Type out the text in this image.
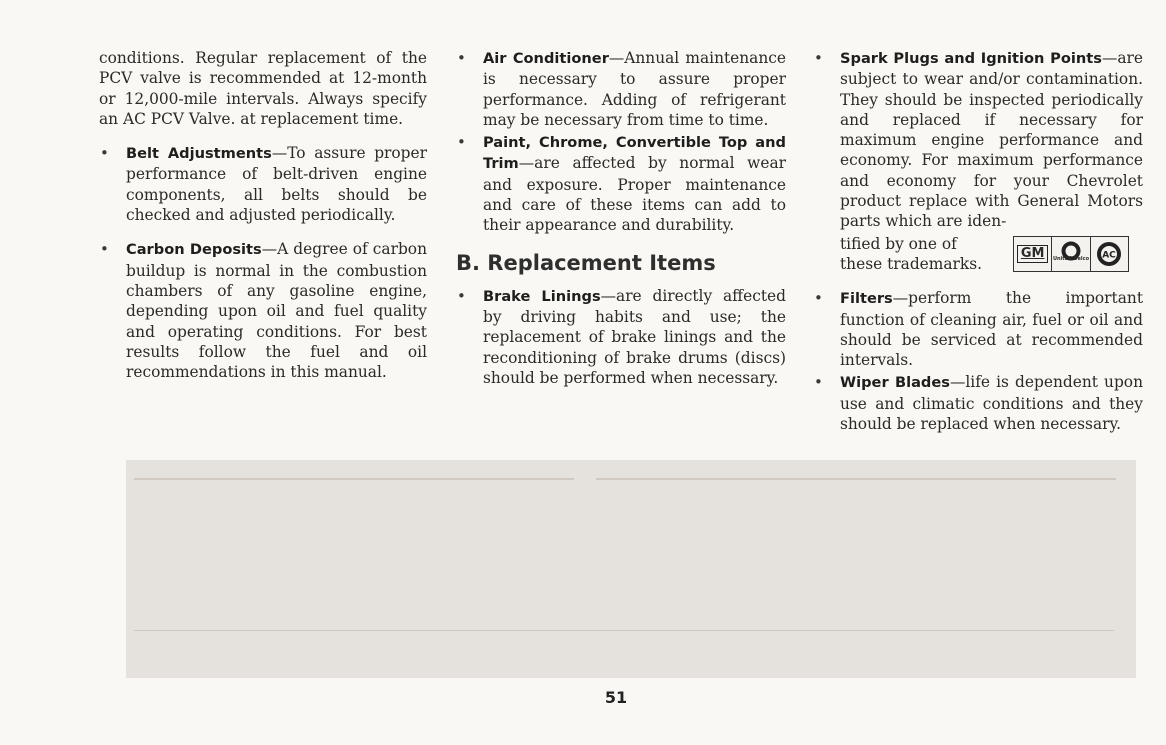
conditions. Regular replacement of the PCV valve is recommended at 12-month or 12,000-mile intervals. Always specify an AC PCV Valve. at replacement time.

• Belt Adjustments—To assure proper performance of belt-driven engine components, all belts should be checked and adjusted periodically.

• Carbon Deposits—A degree of carbon buildup is normal in the combustion chambers of any gasoline engine, depending upon oil and fuel quality and operating conditions. For best results follow the fuel and oil recommendations in this manual.

• Air Conditioner—Annual maintenance is necessary to assure proper performance. Adding of refrigerant may be necessary from time to time.

• Paint, Chrome, Convertible Top and Trim—are affected by normal wear and exposure. Proper maintenance and care of these items can add to their appearance and durability.

B. Replacement Items

• Brake Linings—are directly affected by driving habits and use; the replacement of brake linings and the reconditioning of brake drums (discs) should be performed when necessary.

• Spark Plugs and Ignition Points—are subject to wear and/or contamination. They should be inspected periodically and replaced if necessary for maximum engine performance and economy. For maximum performance and economy for your Chevrolet product replace with General Motors parts which are iden-

tified by one of
these trademarks.
GM	United Delco AC

• Filters—perform the important function of cleaning air, fuel or oil and should be serviced at recommended intervals.

• Wiper Blades—life is dependent upon use and climatic conditions and they should be replaced when necessary.

51
